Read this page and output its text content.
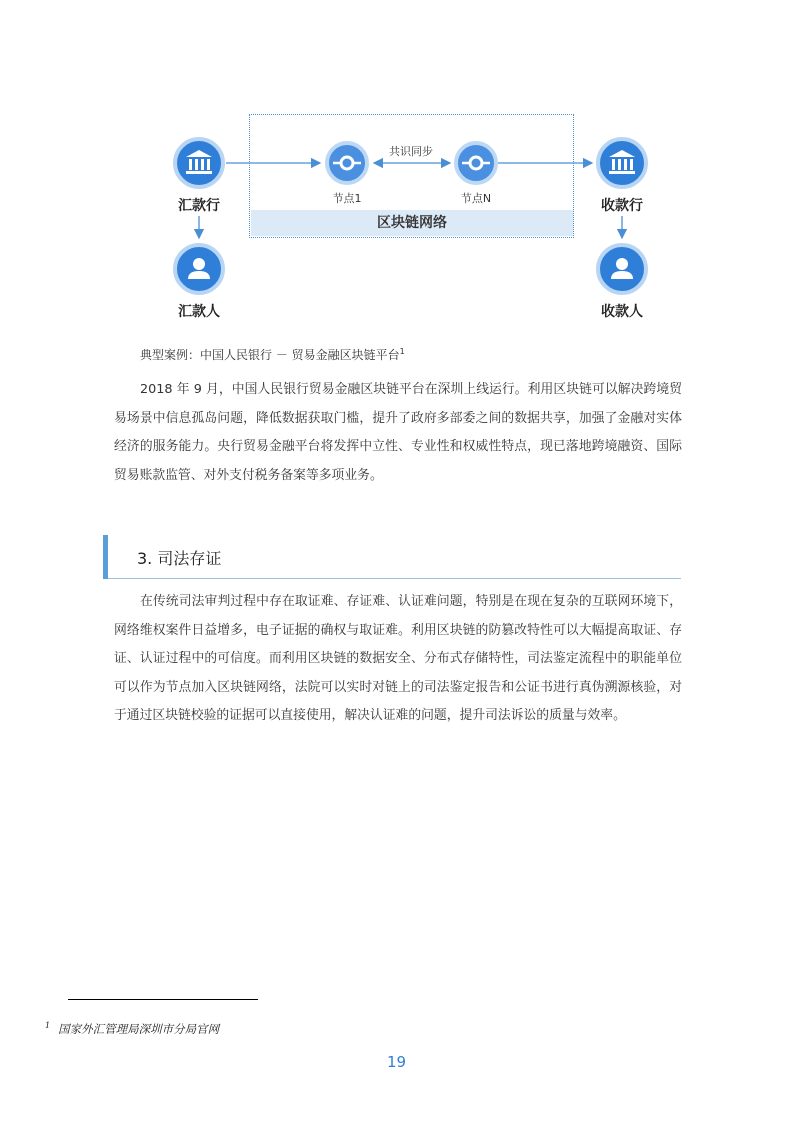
区块链网络
汇款行
汇款人
收款行
收款人
节点1	节点N
共识同步
典型案例：中国人民银行 － 贸易金融区块链平台$^1$
2018 年 9 月，中国人民银行贸易金融区块链平台在深圳上线运行。利用区块链可以解决跨境贸易场景中信息孤岛问题，降低数据获取门槛，提升了政府多部委之间的数据共享，加强了金融对实体经济的服务能力。央行贸易金融平台将发挥中立性、专业性和权威性特点，现已落地跨境融资、国际贸易账款监管、对外支付税务备案等多项业务。
3. 司法存证
在传统司法审判过程中存在取证难、存证难、认证难问题，特别是在现在复杂的互联网环境下，网络维权案件日益增多，电子证据的确权与取证难。利用区块链的防篡改特性可以大幅提高取证、存证、认证过程中的可信度。而利用区块链的数据安全、分布式存储特性，司法鉴定流程中的职能单位可以作为节点加入区块链网络，法院可以实时对链上的司法鉴定报告和公证书进行真伪溯源核验，对于通过区块链校验的证据可以直接使用，解决认证难的问题，提升司法诉讼的质量与效率。
$^1$ 国家外汇管理局深圳市分局官网
19
